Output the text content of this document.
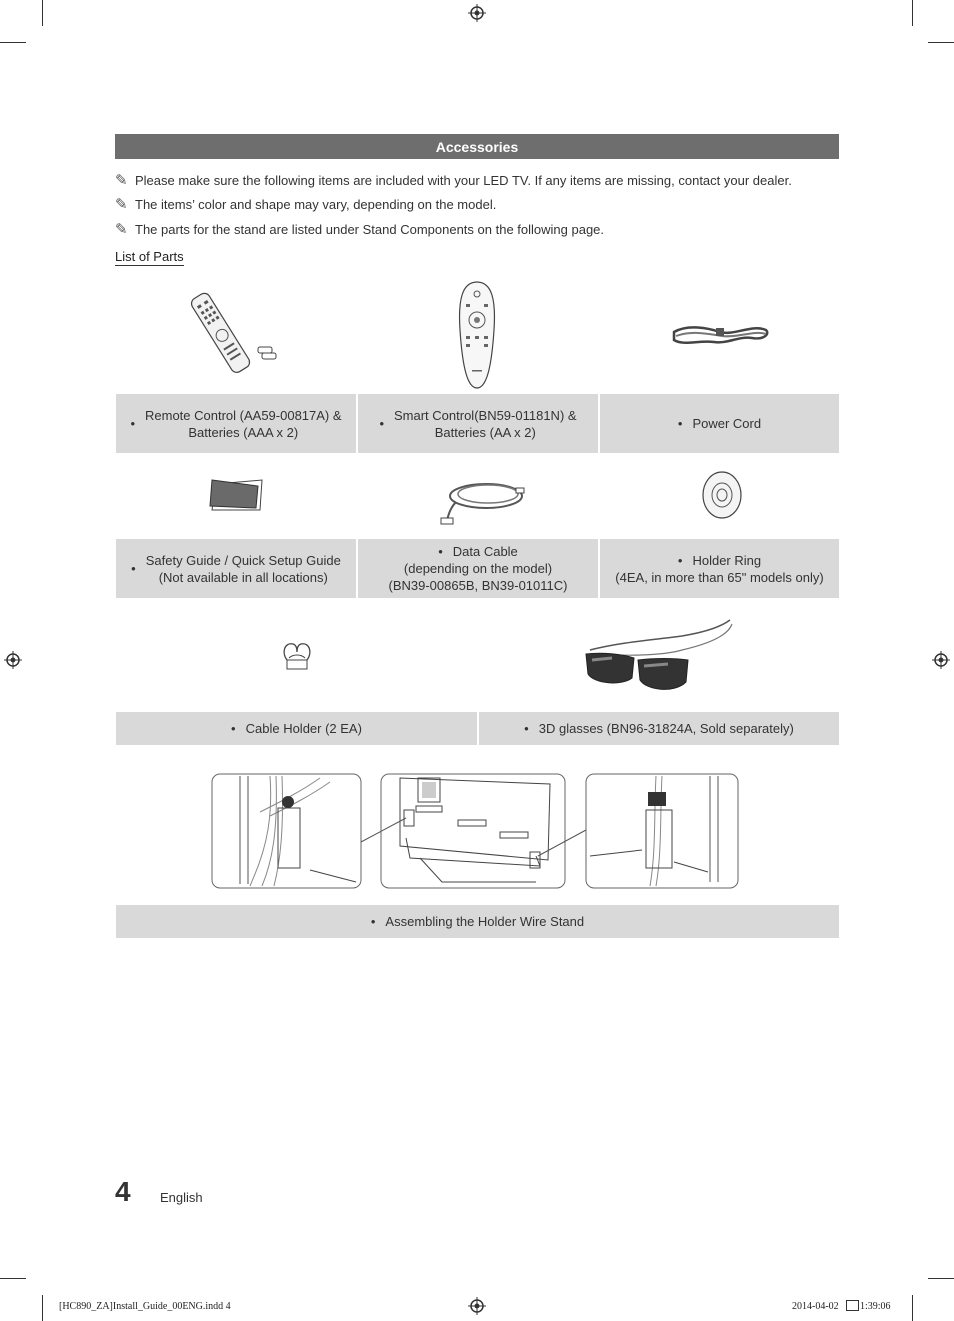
Accessories
✎ Please make sure the following items are included with your LED TV. If any items are missing, contact your dealer.
✎ The items’ color and shape may vary, depending on the model.
✎ The parts for the stand are listed under Stand Components on the following page.
List of Parts
•
Remote Control (AA59-00817A) &
Batteries (AAA x 2)
•
Smart Control(BN59-01181N) &
Batteries (AA x 2)
• Power Cord
•
Safety Guide / Quick Setup Guide
(Not available in all locations)
• Data Cable
(depending on the model)
(BN39-00865B, BN39-01011C)
• Holder Ring
(4EA, in more than 65" models only)
• Cable Holder (2 EA)	• 3D glasses (BN96-31824A, Sold separately)
• Assembling the Holder Wire Stand
4 English
[HC890_ZA]Install_Guide_00ENG.indd 4	2014-04-02 1:39:06
